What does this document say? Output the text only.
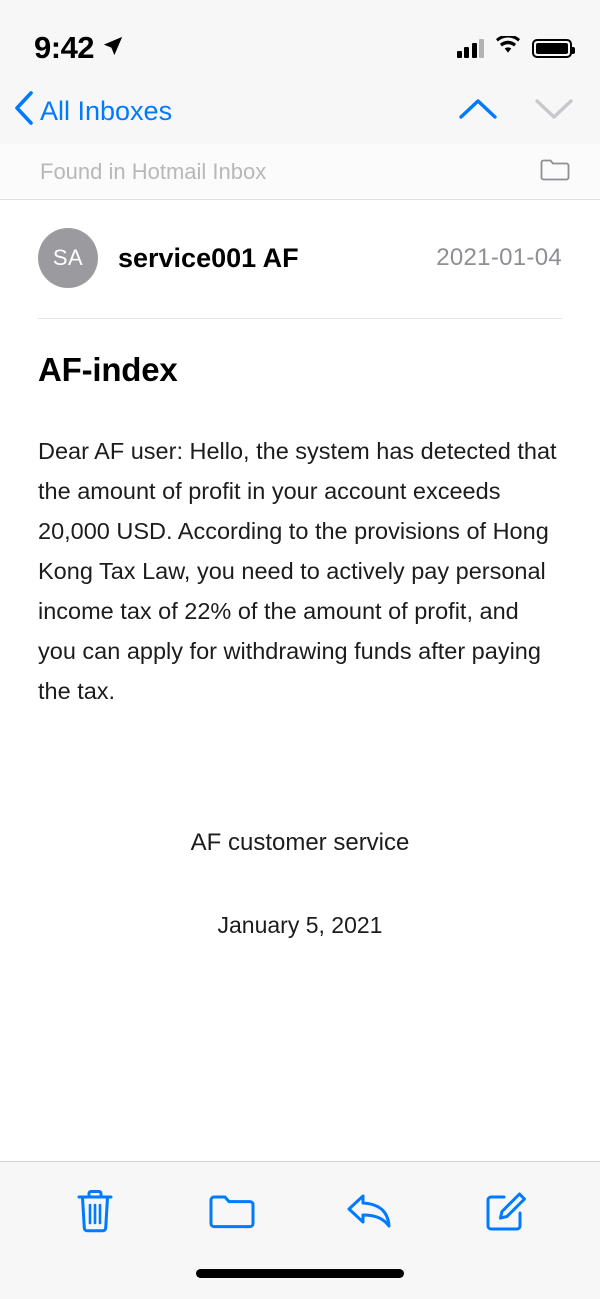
9:42
All Inboxes
Found in Hotmail Inbox
SA	service001 AF	2021-01-04
AF-index
Dear AF user: Hello, the system has detected that the amount of profit in your account exceeds 20,000 USD. According to the provisions of Hong Kong Tax Law, you need to actively pay personal income tax of 22% of the amount of profit, and you can apply for withdrawing funds after paying the tax.
AF customer service
January 5, 2021
